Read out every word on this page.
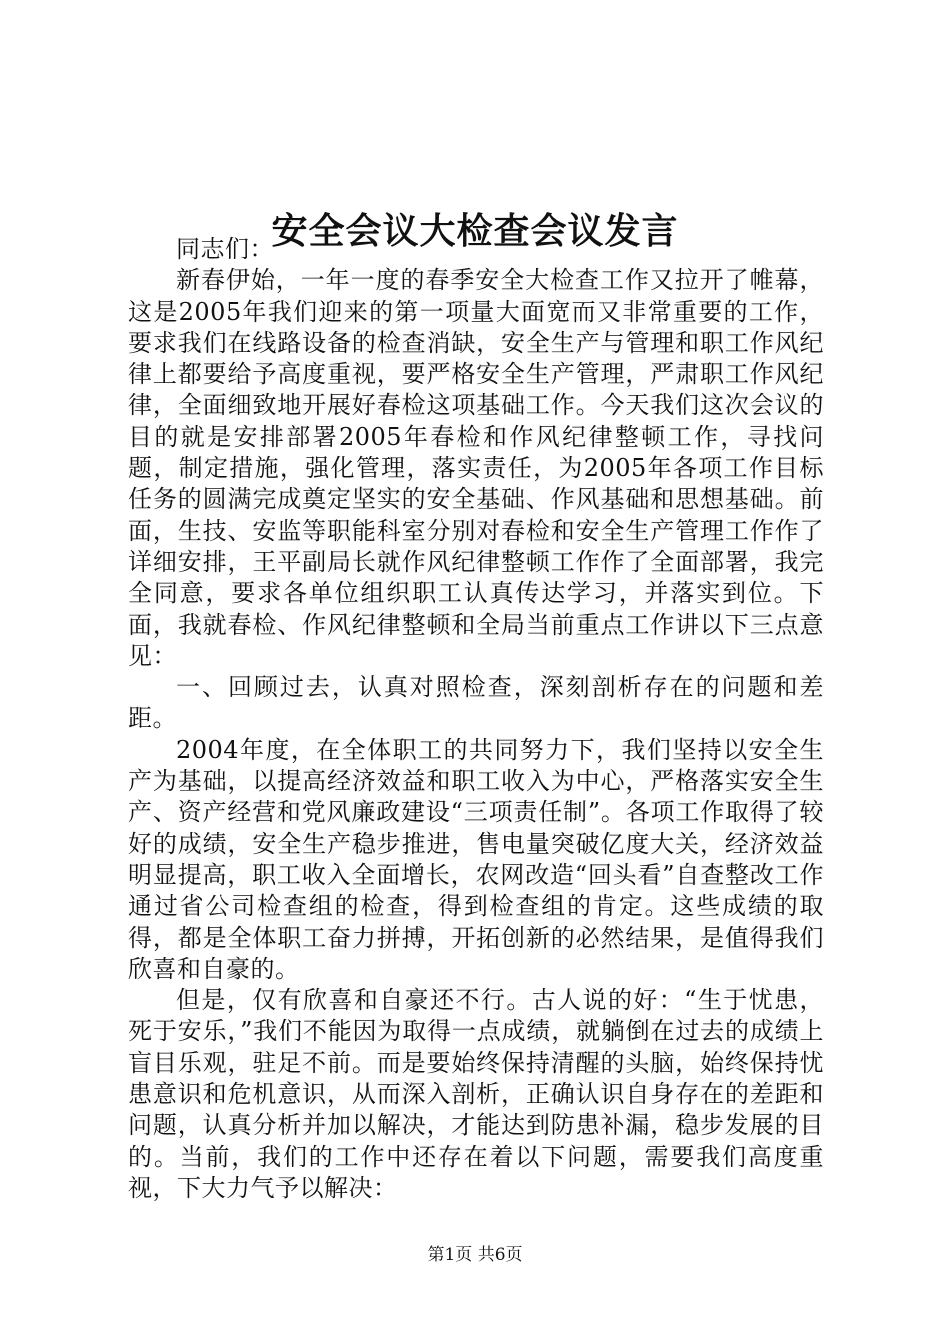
安全会议大检查会议发言

同志们：

新春伊始，一年一度的春季安全大检查工作又拉开了帷幕，这是2005年我们迎来的第一项量大面宽而又非常重要的工作，要求我们在线路设备的检查消缺，安全生产与管理和职工作风纪律上都要给予高度重视，要严格安全生产管理，严肃职工作风纪律，全面细致地开展好春检这项基础工作。今天我们这次会议的目的就是安排部署2005年春检和作风纪律整顿工作，寻找问题，制定措施，强化管理，落实责任，为2005年各项工作目标任务的圆满完成奠定坚实的安全基础、作风基础和思想基础。前面，生技、安监等职能科室分别对春检和安全生产管理工作作了详细安排，王平副局长就作风纪律整顿工作作了全面部署，我完全同意，要求各单位组织职工认真传达学习，并落实到位。下面，我就春检、作风纪律整顿和全局当前重点工作讲以下三点意见：

一、回顾过去，认真对照检查，深刻剖析存在的问题和差距。

2004年度，在全体职工的共同努力下，我们坚持以安全生产为基础，以提高经济效益和职工收入为中心，严格落实安全生产、资产经营和党风廉政建设“三项责任制”。各项工作取得了较好的成绩，安全生产稳步推进，售电量突破亿度大关，经济效益明显提高，职工收入全面增长，农网改造“回头看”自查整改工作通过省公司检查组的检查，得到检查组的肯定。这些成绩的取得，都是全体职工奋力拼搏，开拓创新的必然结果，是值得我们欣喜和自豪的。

但是，仅有欣喜和自豪还不行。古人说的好：“生于忧患，死于安乐，”我们不能因为取得一点成绩，就躺倒在过去的成绩上盲目乐观，驻足不前。而是要始终保持清醒的头脑，始终保持忧患意识和危机意识，从而深入剖析，正确认识自身存在的差距和问题，认真分析并加以解决，才能达到防患补漏，稳步发展的目的。当前，我们的工作中还存在着以下问题，需要我们高度重视，下大力气予以解决：

第1页 共6页
